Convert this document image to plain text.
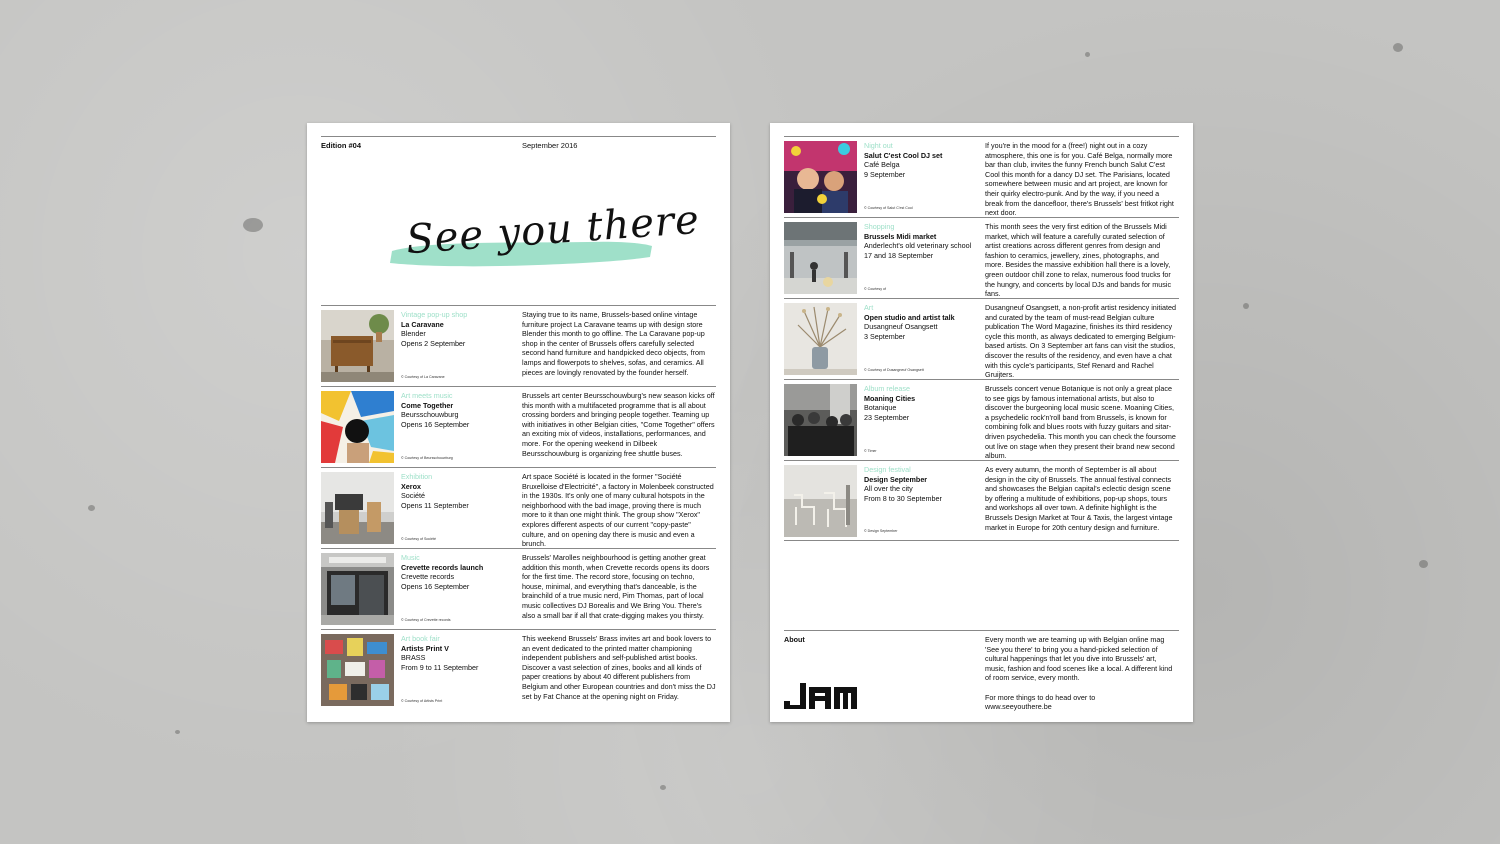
Edition #04	September 2016
See you there
Vintage pop-up shop
La Caravane
Blender
Opens 2 September
© Courtesy of La Caravane
Staying true to its name, Brussels-based online vintage furniture project La Caravane teams up with design store Blender this month to go offline. The La Caravane pop-up shop in the center of Brussels offers carefully selected second hand furniture and handpicked deco objects, from lamps and flowerpots to shelves, sofas, and ceramics. All pieces are lovingly renovated by the founder herself.
Art meets music
Come Together
Beursschouwburg
Opens 16 September
© Courtesy of Beursschouwburg
Brussels art center Beursschouwburg's new season kicks off this month with a multifaceted programme that is all about crossing borders and bringing people together. Teaming up with initiatives in other Belgian cities, "Come Together" offers an exciting mix of videos, installations, performances, and more. For the opening weekend in Dilbeek Beursschouwburg is organizing free shuttle buses.
Exhibition
Xerox
Société
Opens 11 September
© Courtesy of Société
Art space Société is located in the former "Société Bruxelloise d'Electricité", a factory in Molenbeek constructed in the 1930s. It's only one of many cultural hotspots in the neighborhood with the bad image, proving there is much more to it than one might think. The group show "Xerox" explores different aspects of our current "copy-paste" culture, and on opening day there is music and even a brunch.
Music
Crevette records launch
Crevette records
Opens 16 September
© Courtesy of Crevette records
Brussels' Marolles neighbourhood is getting another great addition this month, when Crevette records opens its doors for the first time. The record store, focusing on techno, house, minimal, and everything that's danceable, is the brainchild of a true music nerd, Pim Thomas, part of local music collectives DJ Borealis and We Bring You. There's also a small bar if all that crate-digging makes you thirsty.
Art book fair
Artists Print V
BRASS
From 9 to 11 September
© Courtesy of Artists Print
This weekend Brussels' Brass invites art and book lovers to an event dedicated to the printed matter championing independent publishers and self-published artist books. Discover a vast selection of zines, books and all kinds of paper creations by about 40 different publishers from Belgium and other European countries and don't miss the DJ set by Fat Chance at the opening night on Friday.
Night out
Salut C'est Cool DJ set
Café Belga
9 September
© Courtesy of Salut C'est Cool
If you're in the mood for a (free!) night out in a cozy atmosphere, this one is for you. Café Belga, normally more bar than club, invites the funny French bunch Salut C'est Cool this month for a dancy DJ set. The Parisians, located somewhere between music and art project, are known for their quirky electro-punk. And by the way, if you need a break from the dancefloor, there's Brussels' best fritkot right next door.
Shopping
Brussels Midi market
Anderlecht's old veterinary school
17 and 18 September
© Courtesy of
This month sees the very first edition of the Brussels Midi market, which will feature a carefully curated selection of artist creations across different genres from design and fashion to ceramics, jewellery, zines, photographs, and more. Besides the massive exhibition hall there is a lovely, green outdoor chill zone to relax, numerous food trucks for the hungry, and concerts by local DJs and bands for music fans.
Art
Open studio and artist talk
Dusangneuf Osangsett
3 September
© Courtesy of Dusangneuf Osangsett
Dusangneuf Osangsett, a non-profit artist residency initiated and curated by the team of must-read Belgian culture publication The Word Magazine, finishes its third residency cycle this month, as always dedicated to emerging Belgium-based artists. On 3 September art fans can visit the studios, discover the results of the residency, and even have a chat with this cycle's participants, Stef Renard and Rachel Gruijters.
Album release
Moaning Cities
Botanique
23 September
© Timer
Brussels concert venue Botanique is not only a great place to see gigs by famous international artists, but also to discover the burgeoning local music scene. Moaning Cities, a psychedelic rock'n'roll band from Brussels, is known for combining folk and blues roots with fuzzy guitars and sitar-driven psychedelia. This month you can check the foursome out live on stage when they present their brand new second album.
Design festival
Design September
All over the city
From 8 to 30 September
© Design September
As every autumn, the month of September is all about design in the city of Brussels. The annual festival connects and showcases the Belgian capital's eclectic design scene by offering a multitude of exhibitions, pop-up shops, tours and workshops all over town. A definite highlight is the Brussels Design Market at Tour & Taxis, the largest vintage market in Europe for 20th century design and furniture.
About	Every month we are teaming up with Belgian online mag 'See you there' to bring you a hand-picked selection of cultural happenings that let you dive into Brussels' art, music, fashion and food scenes like a local. A different kind of room service, every month.
For more things to do head over to
www.seeyouthere.be
